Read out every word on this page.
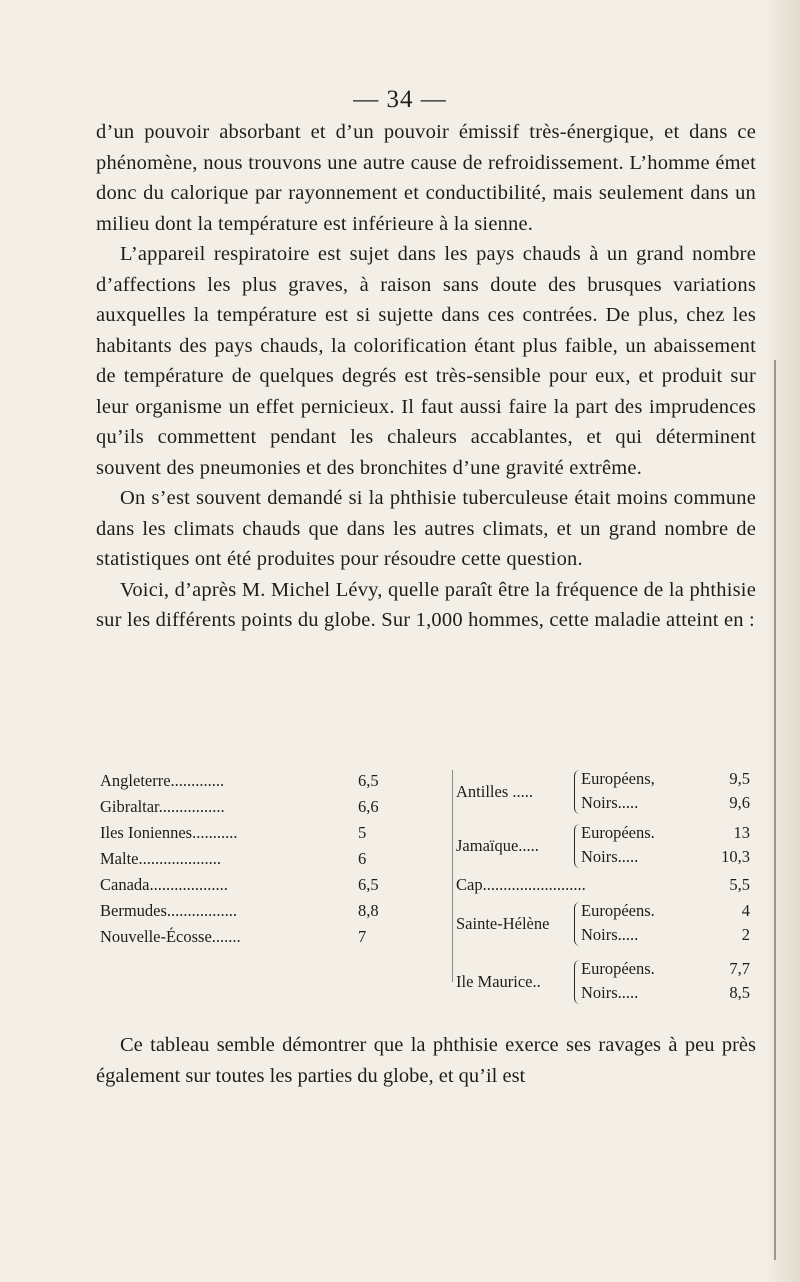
— 34 —

d’un pouvoir absorbant et d’un pouvoir émissif très-énergique, et dans ce phénomène, nous trouvons une autre cause de refroidissement. L’homme émet donc du calorique par rayonnement et conductibilité, mais seulement dans un milieu dont la température est inférieure à la sienne.

L’appareil respiratoire est sujet dans les pays chauds à un grand nombre d’affections les plus graves, à raison sans doute des brusques variations auxquelles la température est si sujette dans ces contrées. De plus, chez les habitants des pays chauds, la colorification étant plus faible, un abaissement de température de quelques degrés est très-sensible pour eux, et produit sur leur organisme un effet pernicieux. Il faut aussi faire la part des imprudences qu’ils commettent pendant les chaleurs accablantes, et qui déterminent souvent des pneumonies et des bronchites d’une gravité extrême.

On s’est souvent demandé si la phthisie tuberculeuse était moins commune dans les climats chauds que dans les autres climats, et un grand nombre de statistiques ont été produites pour résoudre cette question.

Voici, d’après M. Michel Lévy, quelle paraît être la fréquence de la phthisie sur les différents points du globe. Sur 1,000 hommes, cette maladie atteint en :

Angleterre.............	6,5
Gibraltar................	6,6
Iles Ioniennes...........	5
Malte....................	6
Canada...................	6,5
Bermudes.................	8,8
Nouvelle-Écosse.......	7
Antilles .....
Européens,	9,5
Noirs.....	9,6
Jamaïque.....
Européens.	13
Noirs.....	10,3
Cap.........................	5,5
Sainte-Hélène
Européens.	4
Noirs.....	2
Ile Maurice..
Européens.	7,7
Noirs.....	8,5

Ce tableau semble démontrer que la phthisie exerce ses ravages à peu près également sur toutes les parties du globe, et qu’il est
